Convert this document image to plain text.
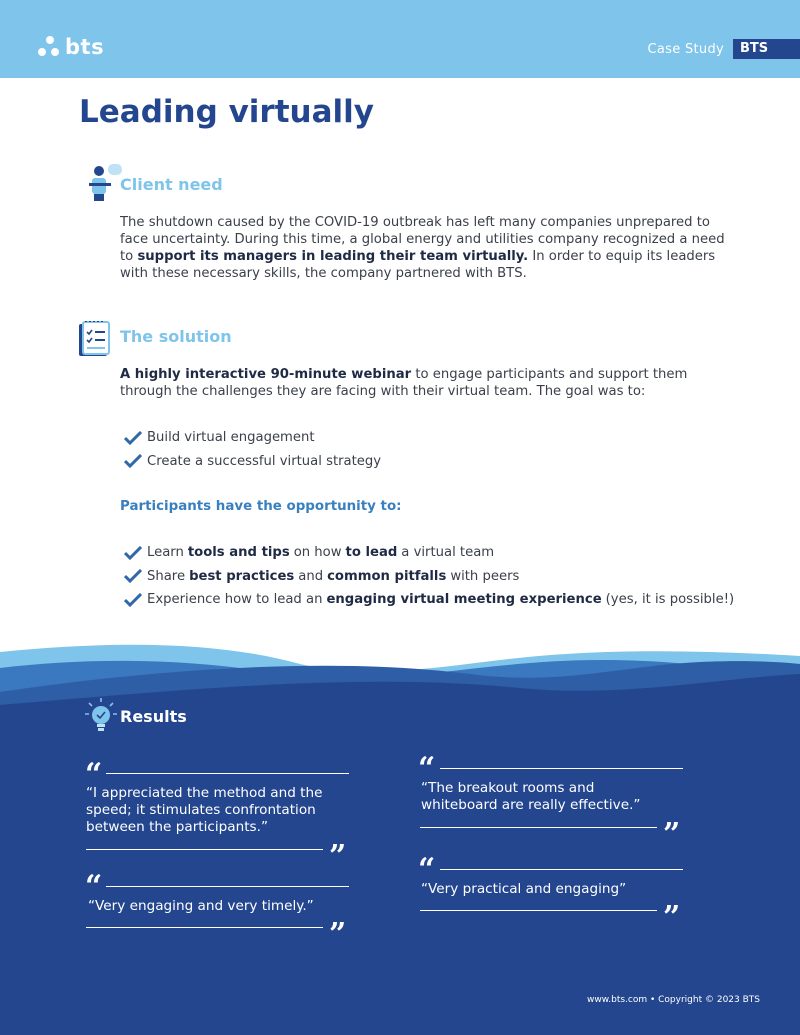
bts	Case Study	BTS
Leading virtually
Client need

The shutdown caused by the COVID-19 outbreak has left many companies unprepared to face uncertainty. During this time, a global energy and utilities company recognized a need to support its managers in leading their team virtually. In order to equip its leaders with these necessary skills, the company partnered with BTS.

The solution

A highly interactive 90-minute webinar to engage participants and support them through the challenges they are facing with their virtual team. The goal was to:

Build virtual engagement
Create a successful virtual strategy
Participants have the opportunity to:
Learn tools and tips on how to lead a virtual team
Share best practices and common pitfalls with peers
Experience how to lead an engaging virtual meeting experience (yes, it is possible!)
Results
“

“I appreciated the method and the speed; it stimulates confrontation between the participants.”

”
“

“Very engaging and very timely.”

”
“

“The breakout rooms and whiteboard are really effective.”

”
“

“Very practical and engaging”

”
www.bts.com • Copyright © 2023 BTS
